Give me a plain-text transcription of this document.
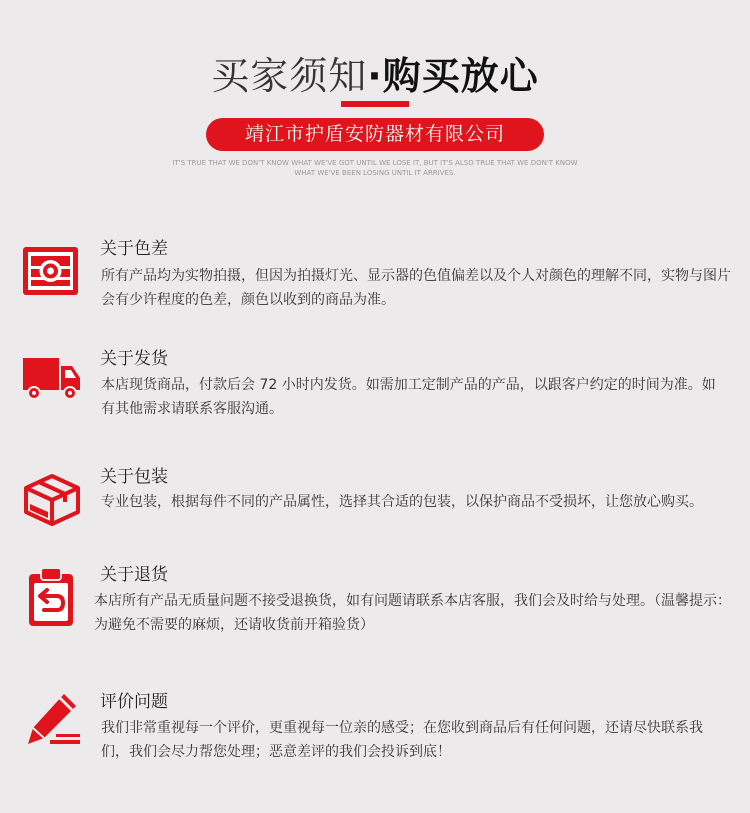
买家须知·购买放心
靖江市护盾安防器材有限公司
IT'S TRUE THAT WE DON'T KNOW WHAT WE'VE GOT UNTIL WE LOSE IT, BUT IT'S ALSO TRUE THAT WE DON'T KNOW WHAT WE'VE BEEN LOSING UNTIL IT ARRIVES.
关于色差
所有产品均为实物拍摄，但因为拍摄灯光、显示器的色值偏差以及个人对颜色的理解不同，实物与图片会有少许程度的色差，颜色以收到的商品为准。
关于发货
本店现货商品，付款后会 72 小时内发货。如需加工定制产品的产品，以跟客户约定的时间为准。如有其他需求请联系客服沟通。
关于包装
专业包装，根据每件不同的产品属性，选择其合适的包装，以保护商品不受损坏，让您放心购买。
关于退货
本店所有产品无质量问题不接受退换货，如有问题请联系本店客服，我们会及时给与处理。（温馨提示：为避免不需要的麻烦，还请收货前开箱验货）
评价问题
我们非常重视每一个评价，更重视每一位亲的感受；在您收到商品后有任何问题，还请尽快联系我们，我们会尽力帮您处理；恶意差评的我们会投诉到底！
